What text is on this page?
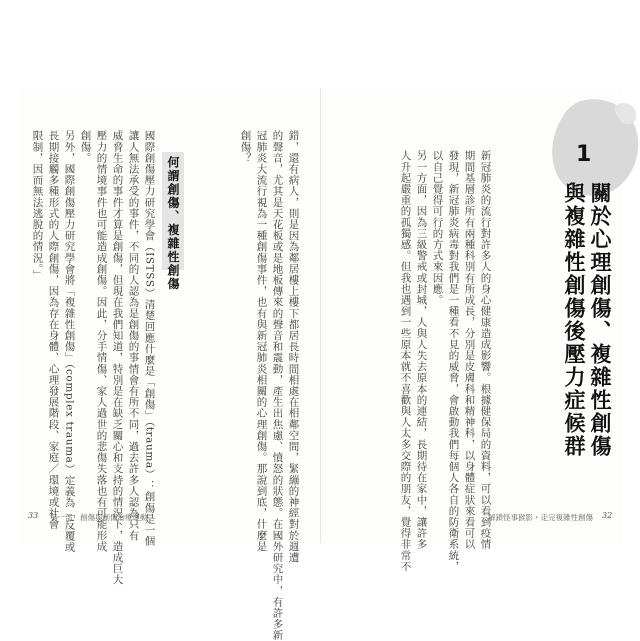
1
關於心理創傷、複雜性創傷
與複雜性創傷後壓力症候群
新冠肺炎的流行對許多人的身心健康造成影響。根據健保局的資料，可以看到疫情
期間基層診所有兩種科別有所成長，分別是皮膚科和精神科，以身體症狀來看可以
發現，新冠肺炎病毒對我們是一種看不見的威脅，會啟動我們每個人各自的防衛系統，
以自己覺得可行的方式來因應。
另一方面，因為三級警戒或封城，人與人失去原本的連結，長期待在家中，讓許多
人升起嚴重的孤獨感。但我也遇到一些原本就不喜歡與人太多交際的朋友，覺得非常不	解鎖怪事猴影・走完複雜性創傷 32
錯，還有病人，則是因為鄰居樓上樓下都居長時間相處在相鄰空間，緊繃的神經對於週遭
的聲音，尤其是天花板或是地板傳來的聲音和震動，產生出焦慮、憤怒的狀態。在國外研究中，有許多新
冠肺炎大流行視為一種創傷事件，也有與新冠肺炎相關的心理創傷。那說到底，什麼是
創傷？
何謂創傷、複雜性創傷
國際創傷壓力研究學會（ISTSS）清楚回應什麼是「創傷」（trauma）：創傷是一個
讓人無法承受的事件，不同的人認為是創傷的事情會有所不同，過去許多人認為只有
威脅生命的事件才算是創傷，但現在我們知道，特別是在缺乏關心和支持的情況下，造成巨大
壓力的情境事件也可能造成創傷。因此，分手情傷、家人過世的悲傷失落也有可能形成
創傷。
另外，國際創傷壓力研究學會將「複雜性創傷」（complex trauma）定義為「反覆或
長期接觸多種形式的人際創傷，因為存在身體、心理發展階段、家庭／環境或社會
限制，因而無法逃脫的情況。」
33 第一部　創傷與創傷治療運動
